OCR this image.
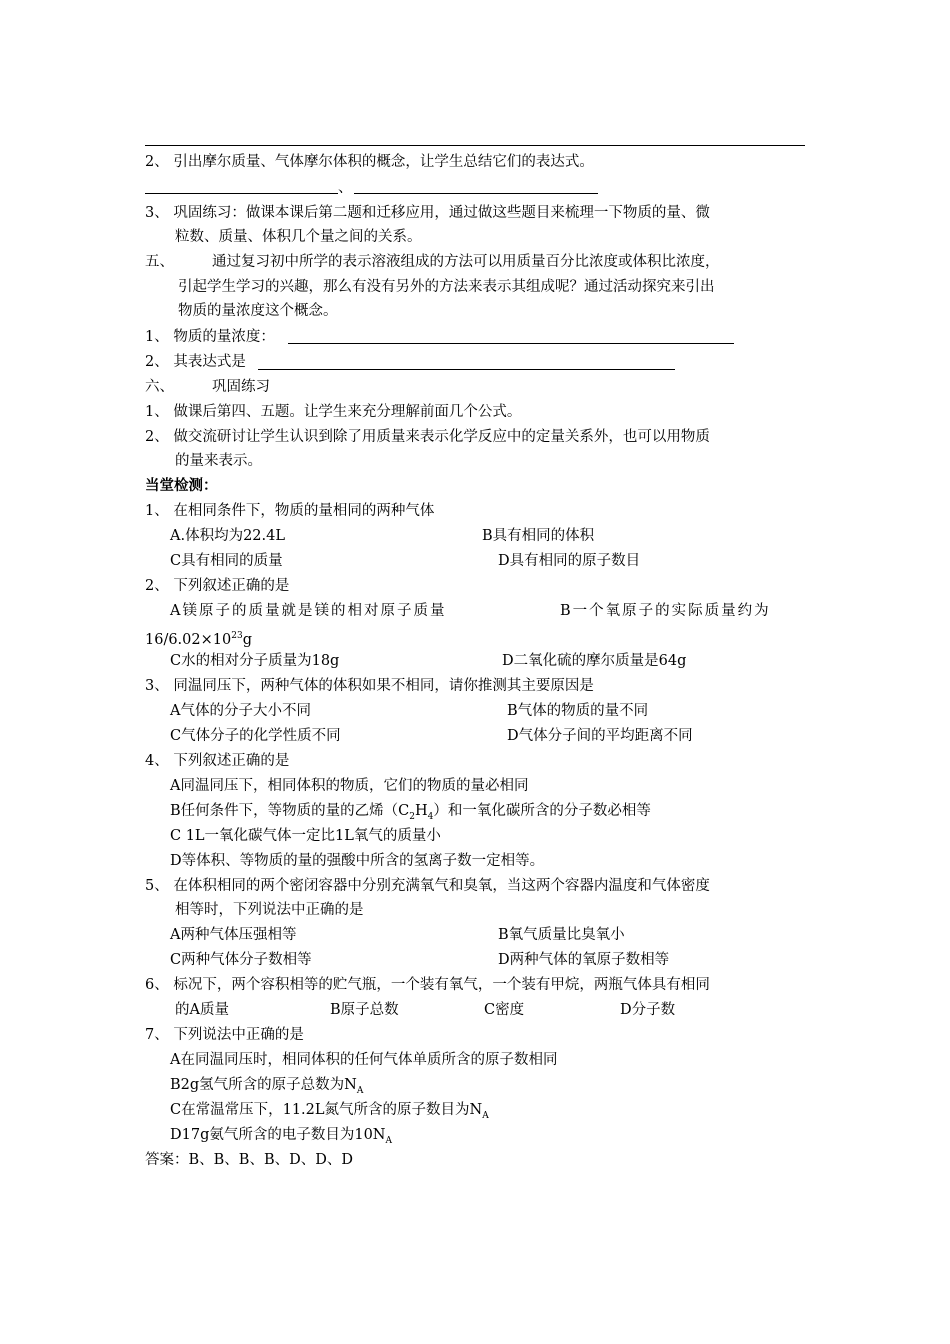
2、 引出摩尔质量、气体摩尔体积的概念，让学生总结它们的表达式。
、
3、 巩固练习：做课本课后第二题和迁移应用，通过做这些题目来梳理一下物质的量、微
粒数、质量、体积几个量之间的关系。
五、	通过复习初中所学的表示溶液组成的方法可以用质量百分比浓度或体积比浓度，
引起学生学习的兴趣，那么有没有另外的方法来表示其组成呢？通过活动探究来引出
物质的量浓度这个概念。
1、 物质的量浓度：
2、 其表达式是
六、	巩固练习
1、 做课后第四、五题。让学生来充分理解前面几个公式。
2、 做交流研讨让学生认识到除了用质量来表示化学反应中的定量关系外，也可以用物质
的量来表示。
当堂检测：
1、 在相同条件下，物质的量相同的两种气体
A.体积均为22.4L	B具有相同的体积
C具有相同的质量	D具有相同的原子数目
2、 下列叙述正确的是
A镁原子的质量就是镁的相对原子质量	B一个氧原子的实际质量约为
$16/6.02\times 10^{23}g$
C水的相对分子质量为18g	D二氧化硫的摩尔质量是64g
3、 同温同压下，两种气体的体积如果不相同，请你推测其主要原因是
A气体的分子大小不同	B气体的物质的量不同
C气体分子的化学性质不同	D气体分子间的平均距离不同
4、 下列叙述正确的是
A同温同压下，相同体积的物质，它们的物质的量必相同
B任何条件下，等物质的量的乙烯$(C_2H_4)$和一氧化碳所含的分子数必相等
C 1L一氧化碳气体一定比1L氧气的质量小
D等体积、等物质的量的强酸中所含的氢离子数一定相等。
5、 在体积相同的两个密闭容器中分别充满氧气和臭氧，当这两个容器内温度和气体密度
相等时，下列说法中正确的是
A两种气体压强相等	B氧气质量比臭氧小
C两种气体分子数相等	D两种气体的氧原子数相等
6、 标况下，两个容积相等的贮气瓶，一个装有氧气，一个装有甲烷，两瓶气体具有相同
的A质量	B原子总数	C密度	D分子数
7、 下列说法中正确的是
A在同温同压时，相同体积的任何气体单质所含的原子数相同
B2g氢气所含的原子总数为$N_A$
C在常温常压下，11.2L氮气所含的原子数目为$N_A$
D17g氨气所含的电子数目为$10N_A$
答案：B、B、B、B、D、D、D
